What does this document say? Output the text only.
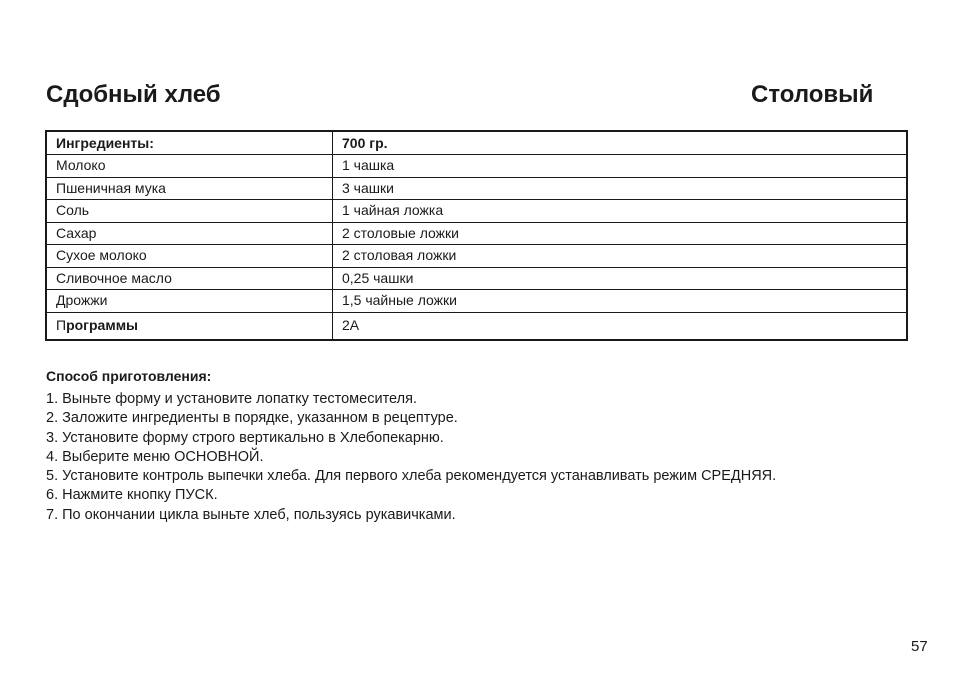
Сдобный хлеб	Столовый
Ингредиенты:	700 гр.
Молоко	1 чашка
Пшеничная мука	3 чашки
Соль	1 чайная ложка
Сахар	2 столовые ложки
Сухое молоко	2 столовая ложки
Сливочное масло	0,25 чашки
Дрожжи	1,5 чайные ложки
Программы	2A
Способ приготовления:
1. Выньте форму и установите лопатку тестомесителя.
2. Заложите ингредиенты в порядке, указанном в рецептуре.
3. Установите форму строго вертикально в Хлебопекарню.
4. Выберите меню ОСНОВНОЙ.
5. Установите контроль выпечки хлеба. Для первого хлеба рекомендуется устанавливать режим СРЕДНЯЯ.
6. Нажмите кнопку ПУСК.
7. По окончании цикла выньте хлеб, пользуясь рукавичками.
57
